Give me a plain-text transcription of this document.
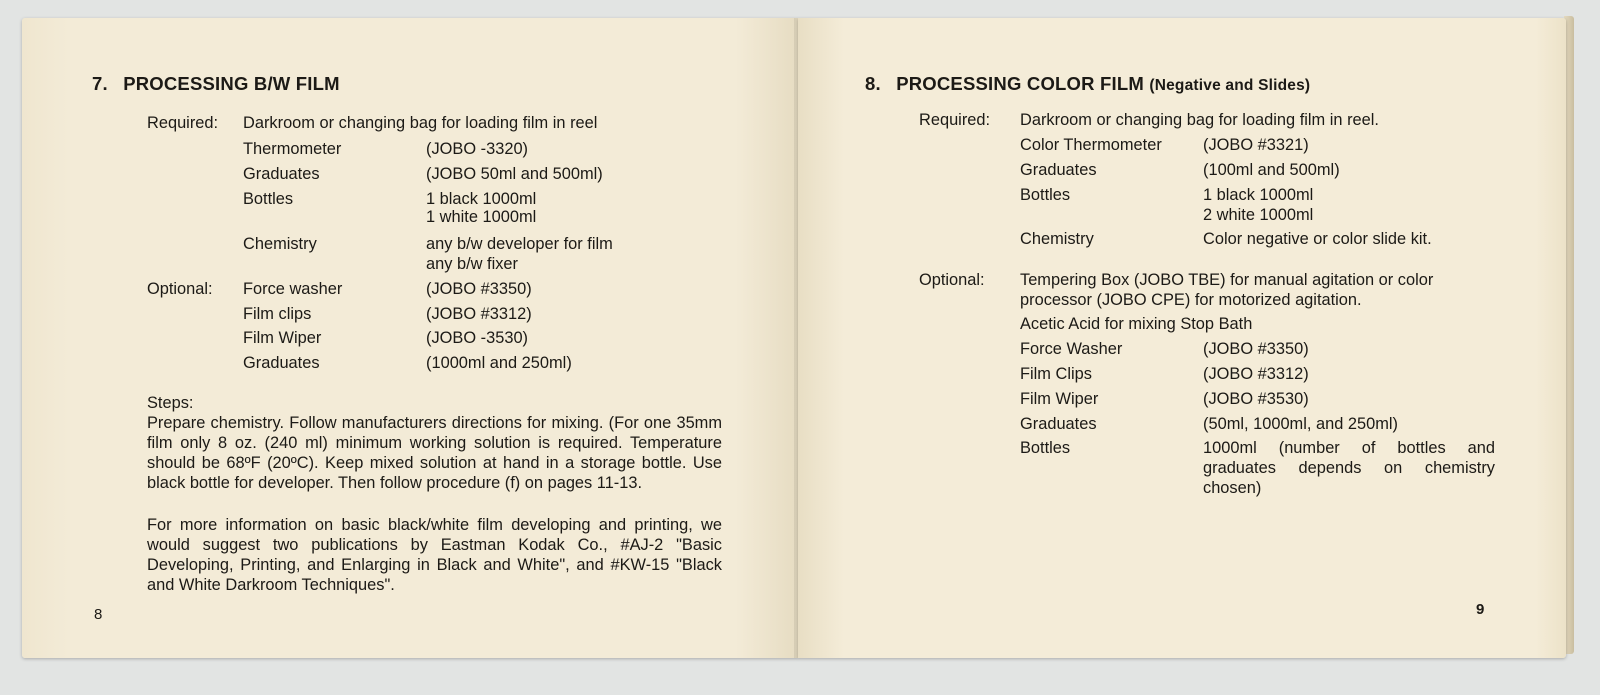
7. PROCESSING B/W FILM
Required: Darkroom or changing bag for loading film in reel
Thermometer	(JOBO -3320)
Graduates	(JOBO 50ml and 500ml)
Bottles	1 black 1000ml
1 white 1000ml
Chemistry	any b/w developer for film
any b/w fixer
Optional: Force washer	(JOBO #3350)
Film clips	(JOBO #3312)
Film Wiper	(JOBO -3530)
Graduates	(1000ml and 250ml)
Steps:
Prepare chemistry. Follow manufacturers directions for mixing. (For one 35mm film only 8 oz. (240 ml) minimum working solution is required. Temperature should be 68ºF (20ºC). Keep mixed solution at hand in a storage bottle. Use black bottle for developer. Then follow procedure (f) on pages 11-13.
For more information on basic black/white film developing and printing, we would suggest two publications by Eastman Kodak Co., #AJ-2 "Basic Developing, Printing, and Enlarging in Black and White", and #KW-15 "Black and White Darkroom Techniques".
8
8. PROCESSING COLOR FILM (Negative and Slides)
Required: Darkroom or changing bag for loading film in reel.
Color Thermometer	(JOBO #3321)
Graduates	(100ml and 500ml)
Bottles	1 black 1000ml
2 white 1000ml
Chemistry	Color negative or color slide kit.
Optional: Tempering Box (JOBO TBE) for manual agitation or color
processor (JOBO CPE) for motorized agitation.
Acetic Acid for mixing Stop Bath
Force Washer	(JOBO #3350)
Film Clips	(JOBO #3312)
Film Wiper	(JOBO #3530)
Graduates	(50ml, 1000ml, and 250ml)
Bottles	1000ml (number of bottles and graduates depends on chemistry chosen)
9
